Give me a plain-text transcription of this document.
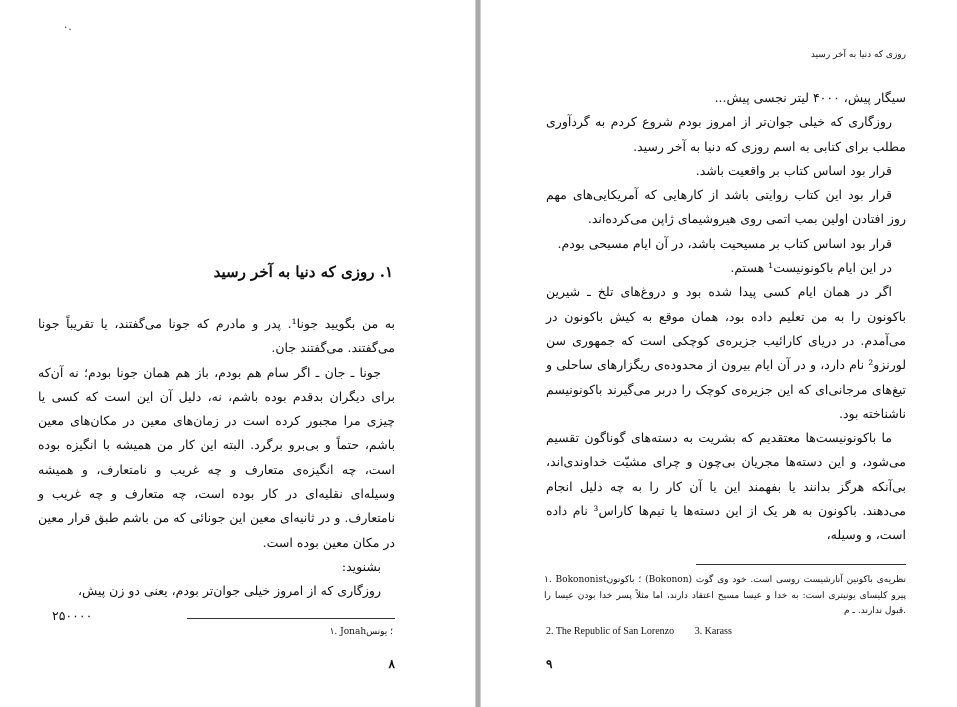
۰.
۱. روزی که دنیا به آخر رسید

به من بگویید جونا¹. پدر و مادرم که جونا می‌گفتند، یا تقریباً جونا می‌گفتند. می‌گفتند جان.

جونا ـ جان ـ اگر سام هم بودم، باز هم همان جونا بودم؛ نه آن‌که برای دیگران بدقدم بوده باشم، نه، دلیل آن این است که کسی یا چیزی مرا مجبور کرده است در زمان‌های معین در مکان‌های معین باشم، حتماً و بی‌برو برگرد. البته این کار من همیشه با انگیزه بوده است، چه انگیزه‌ی متعارف و چه غریب و نامتعارف، و همیشه وسیله‌ای نقلیه‌ای در کار بوده است، چه متعارف و چه غریب و نامتعارف. و در ثانیه‌ای معین این جونائی که من باشم طبق قرار معین در مکان معین بوده است.

بشنوید:

روزگاری که از امروز خیلی جوان‌تر بودم، یعنی دو زن پیش،
۲۵۰۰۰۰

۱. Jonah؛ یونس
۸
روزی که دنیا به آخر رسید

سیگار پیش، ۴۰۰۰ لیتر نجسی پیش...

روزگاری که خیلی جوان‌تر از امروز بودم شروع کردم به گردآوری مطلب برای کتابی به اسم روزی که دنیا به آخر رسید.

قرار بود اساس کتاب بر واقعیت باشد.

قرار بود این کتاب روایتی باشد از کارهایی که آمریکایی‌های مهم روز افتادن اولین بمب اتمی روی هیروشیمای ژاپن می‌کرده‌اند.

قرار بود اساس کتاب بر مسیحیت باشد، در آن ایام مسیحی بودم.

در این ایام باکونونیست¹ هستم.

اگر در همان ایام کسی پیدا شده بود و دروغ‌های تلخ ـ شیرین باکونون را به من تعلیم داده بود، همان موقع به کیش باکونون در می‌آمدم. در دریای کارائیب جزیره‌ی کوچکی است که جمهوری سن لورنزو² نام دارد، و در آن ایام بیرون از محدوده‌ی ریگزارهای ساحلی و تیغ‌های مرجانی‌ای که این جزیره‌ی کوچک را دربر می‌گیرند باکونونیسم ناشناخته بود.

ما باکونونیست‌ها معتقدیم که بشریت به دسته‌های گوناگون تقسیم می‌شود، و این دسته‌ها مجریان بی‌چون و چرای مشیّت خداوندی‌اند، بی‌آنکه هرگز بدانند یا بفهمند این یا آن کار را به چه دلیل انجام می‌دهند. باکونون به هر یک از این دسته‌ها یا تیم‌ها کاراس³ نام داده است، و وسیله،

۱. Bokononist؛ باکونون (Bokonon) نظریه‌ی باکونین آنارشیست روسی است. خود وی گوت پیرو کلیسای یونیتری است: به خدا و عیسا مسیح اعتقاد دارند، اما مثلاً پسر خدا بودن عیسا را قبول ندارند. ـ م.
2. The Republic of San Lorenzo 3. Karass
۹
